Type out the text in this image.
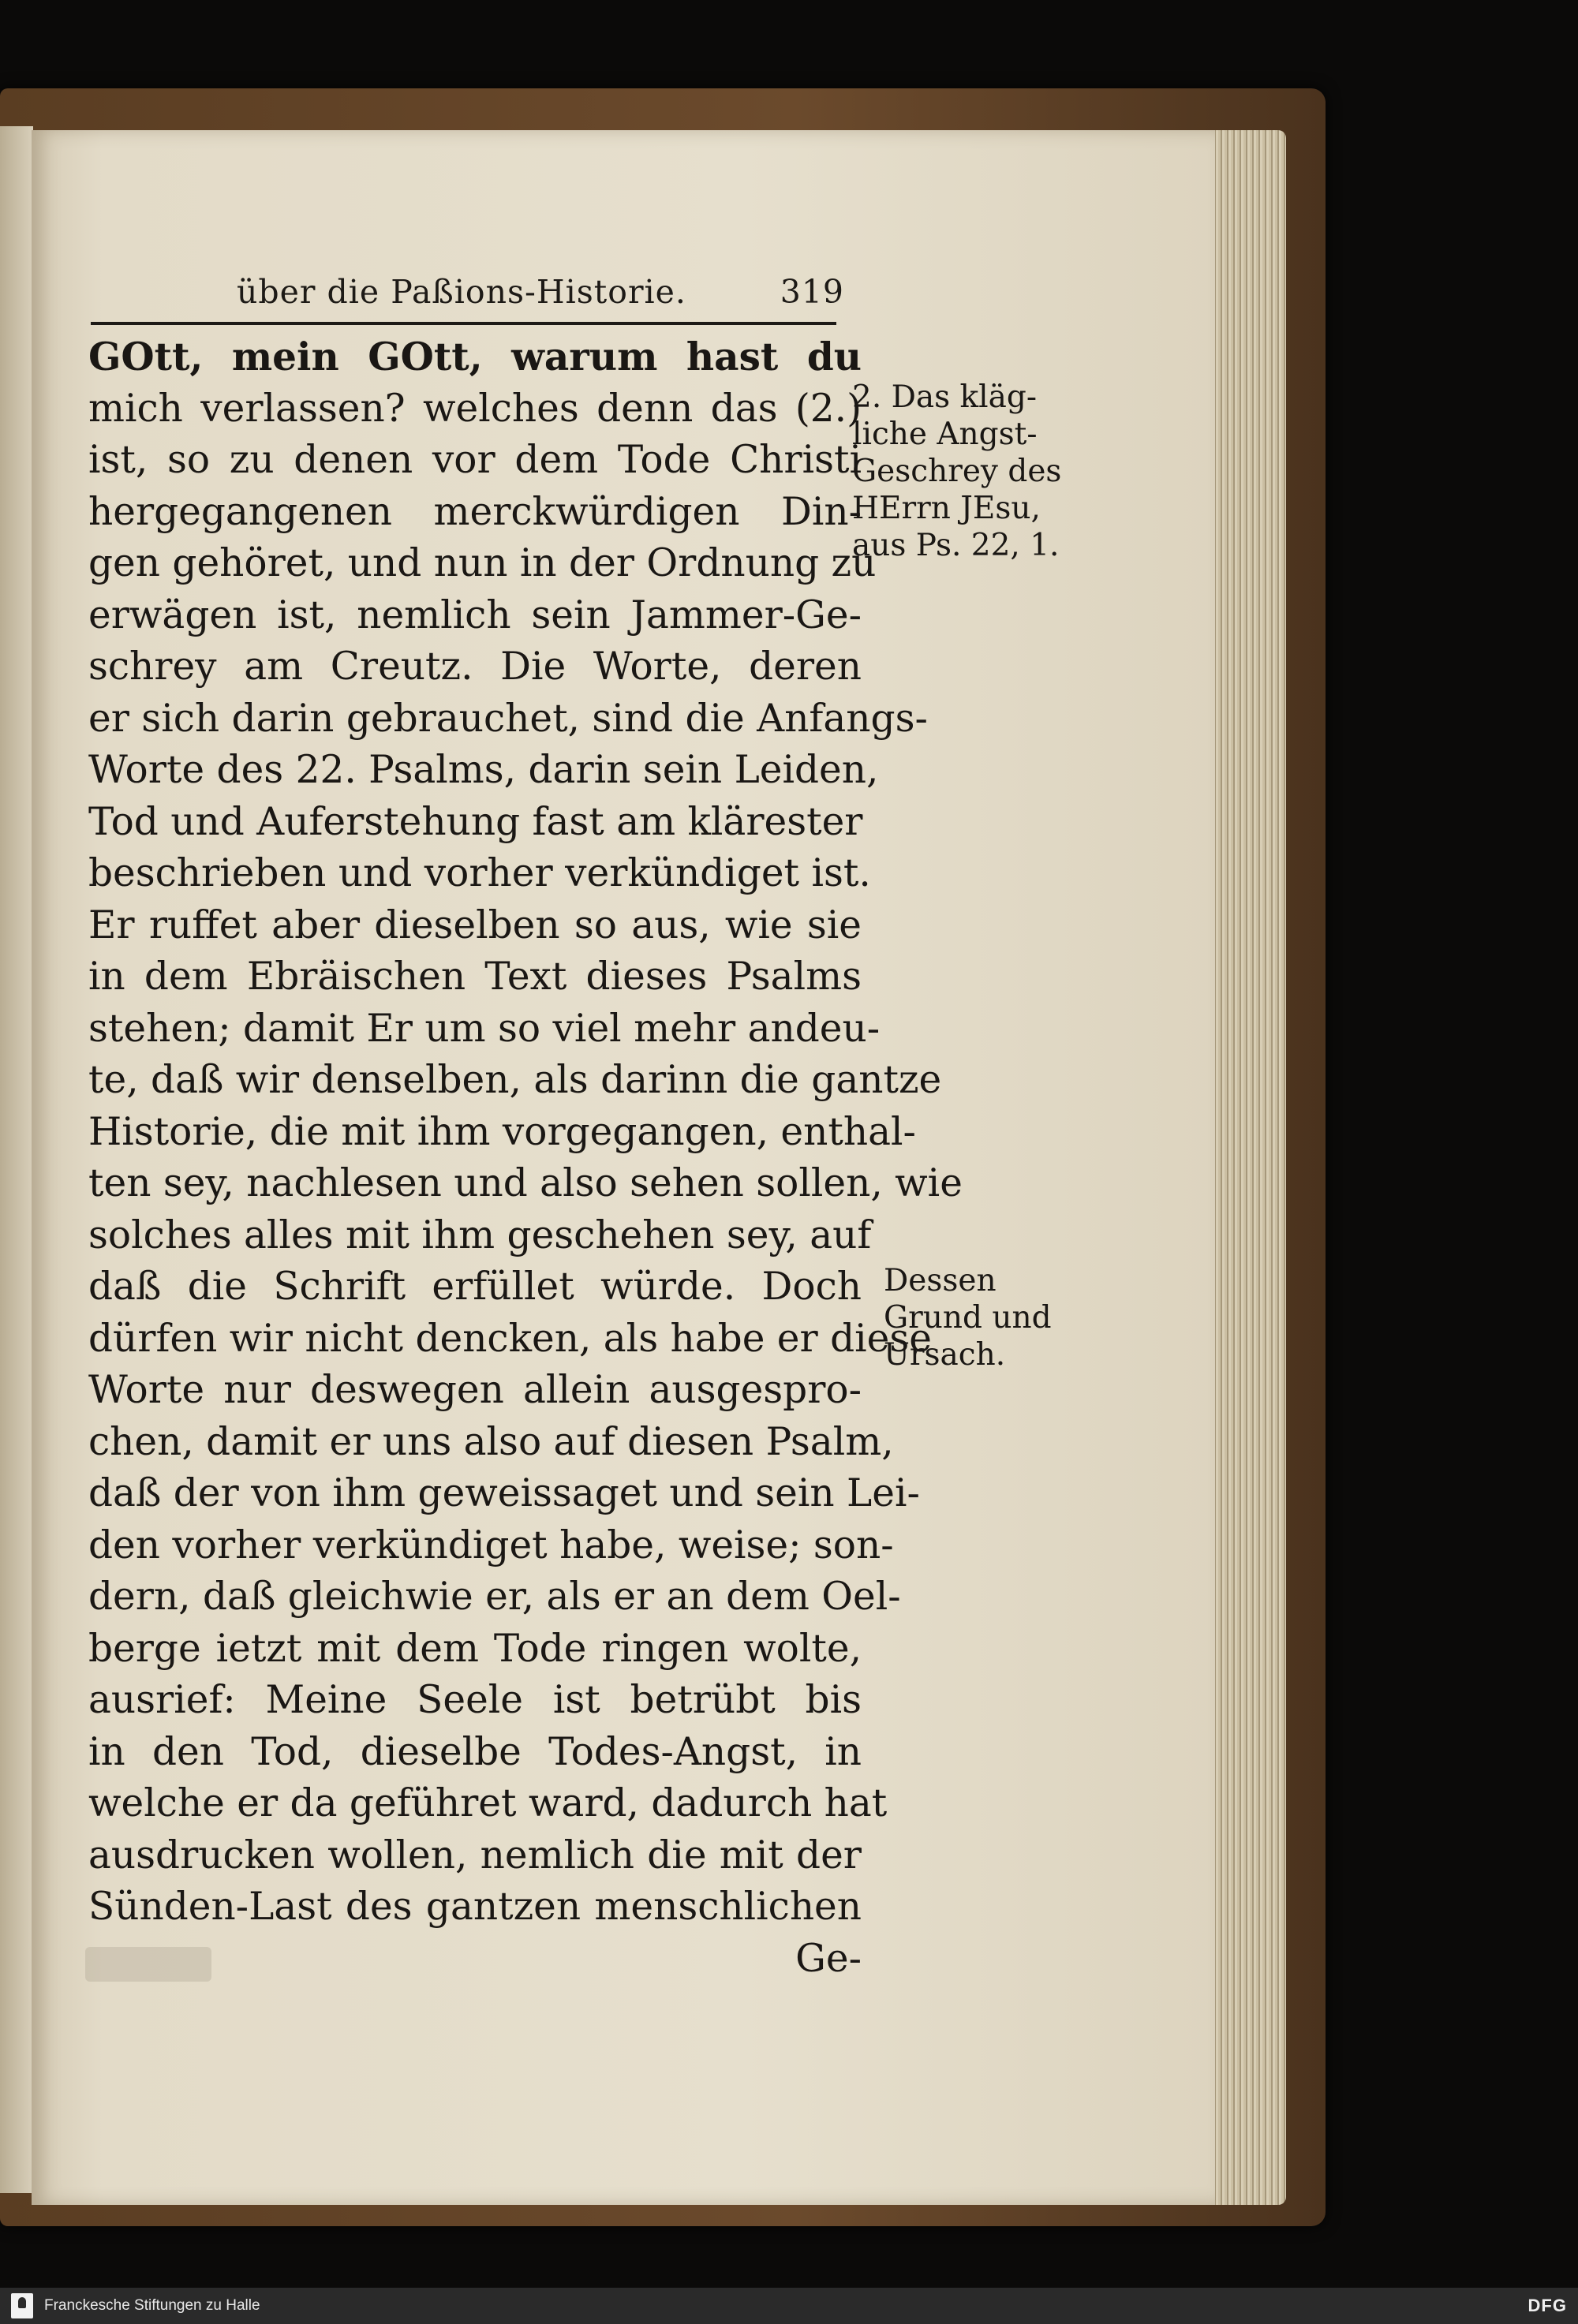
über die Paßions-Historie.	319
GOtt, mein GOtt, warum hast du
mich verlassen? welches denn das (2.)
ist, so zu denen vor dem Tode Christi
hergegangenen merckwürdigen Din-
gen gehöret, und nun in der Ordnung zu
erwägen ist, nemlich sein Jammer-Ge-
schrey am Creutz. Die Worte, deren
er sich darin gebrauchet, sind die Anfangs-
Worte des 22. Psalms, darin sein Leiden,
Tod und Auferstehung fast am klärester
beschrieben und vorher verkündiget ist.
Er ruffet aber dieselben so aus, wie sie
in dem Ebräischen Text dieses Psalms
stehen; damit Er um so viel mehr andeu-
te, daß wir denselben, als darinn die gantze
Historie, die mit ihm vorgegangen, enthal-
ten sey, nachlesen und also sehen sollen, wie
solches alles mit ihm geschehen sey, auf
daß die Schrift erfüllet würde. Doch
dürfen wir nicht dencken, als habe er diese
Worte nur deswegen allein ausgespro-
chen, damit er uns also auf diesen Psalm,
daß der von ihm geweissaget und sein Lei-
den vorher verkündiget habe, weise; son-
dern, daß gleichwie er, als er an dem Oel-
berge ietzt mit dem Tode ringen wolte,
ausrief: Meine Seele ist betrübt bis
in den Tod, dieselbe Todes-Angst, in
welche er da geführet ward, dadurch hat
ausdrucken wollen, nemlich die mit der
Sünden-Last des gantzen menschlichen
Ge-
2. Das kläg-
liche Angst-
Geschrey des
HErrn JEsu,
aus Ps. 22, 1.
Dessen
Grund und
Ursach.
Franckesche Stiftungen zu Halle	DFG
